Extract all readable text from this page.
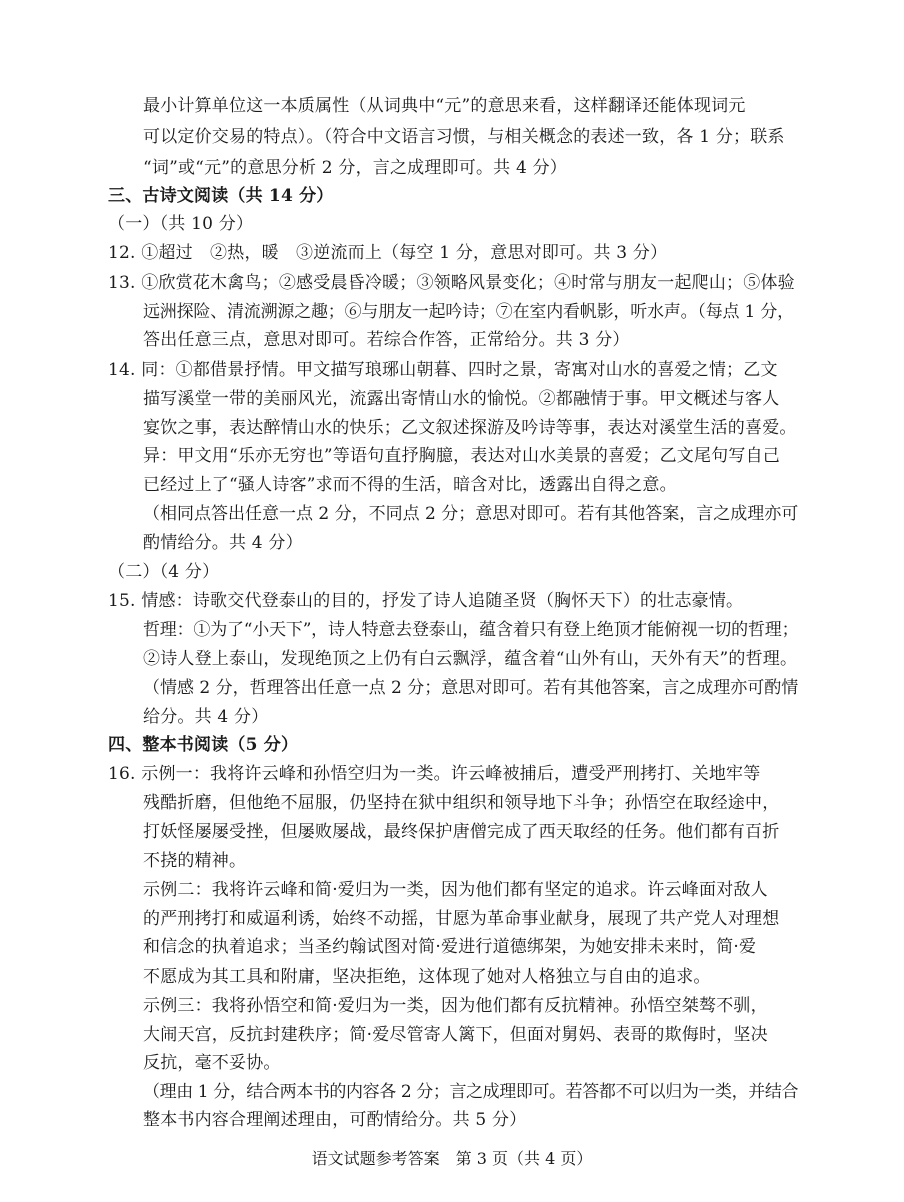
最小计算单位这一本质属性（从词典中“元”的意思来看，这样翻译还能体现词元
可以定价交易的特点）。（符合中文语言习惯，与相关概念的表述一致，各 1 分；联系
“词”或“元”的意思分析 2 分，言之成理即可。共 4 分）
三、古诗文阅读（共 14 分）
（一）（共 10 分）
12. ①超过　②热，暖　③逆流而上（每空 1 分，意思对即可。共 3 分）
13. ①欣赏花木禽鸟；②感受晨昏冷暖；③领略风景变化；④时常与朋友一起爬山；⑤体验
远洲探险、清流溯源之趣；⑥与朋友一起吟诗；⑦在室内看帆影，听水声。（每点 1 分，
答出任意三点，意思对即可。若综合作答，正常给分。共 3 分）
14. 同：①都借景抒情。甲文描写琅琊山朝暮、四时之景，寄寓对山水的喜爱之情；乙文
描写溪堂一带的美丽风光，流露出寄情山水的愉悦。②都融情于事。甲文概述与客人
宴饮之事，表达醉情山水的快乐；乙文叙述探游及吟诗等事，表达对溪堂生活的喜爱。
异：甲文用“乐亦无穷也”等语句直抒胸臆，表达对山水美景的喜爱；乙文尾句写自己
已经过上了“骚人诗客”求而不得的生活，暗含对比，透露出自得之意。
（相同点答出任意一点 2 分，不同点 2 分；意思对即可。若有其他答案，言之成理亦可
酌情给分。共 4 分）
（二）（4 分）
15. 情感：诗歌交代登泰山的目的，抒发了诗人追随圣贤（胸怀天下）的壮志豪情。
哲理：①为了“小天下”，诗人特意去登泰山，蕴含着只有登上绝顶才能俯视一切的哲理；
②诗人登上泰山，发现绝顶之上仍有白云飘浮，蕴含着“山外有山，天外有天”的哲理。
（情感 2 分，哲理答出任意一点 2 分；意思对即可。若有其他答案，言之成理亦可酌情
给分。共 4 分）
四、整本书阅读（5 分）
16. 示例一：我将许云峰和孙悟空归为一类。许云峰被捕后，遭受严刑拷打、关地牢等
残酷折磨，但他绝不屈服，仍坚持在狱中组织和领导地下斗争；孙悟空在取经途中，
打妖怪屡屡受挫，但屡败屡战，最终保护唐僧完成了西天取经的任务。他们都有百折
不挠的精神。
示例二：我将许云峰和简·爱归为一类，因为他们都有坚定的追求。许云峰面对敌人
的严刑拷打和威逼利诱，始终不动摇，甘愿为革命事业献身，展现了共产党人对理想
和信念的执着追求；当圣约翰试图对简·爱进行道德绑架，为她安排未来时，简·爱
不愿成为其工具和附庸，坚决拒绝，这体现了她对人格独立与自由的追求。
示例三：我将孙悟空和简·爱归为一类，因为他们都有反抗精神。孙悟空桀骜不驯，
大闹天宫，反抗封建秩序；简·爱尽管寄人篱下，但面对舅妈、表哥的欺侮时，坚决
反抗，毫不妥协。
（理由 1 分，结合两本书的内容各 2 分；言之成理即可。若答都不可以归为一类，并结合
整本书内容合理阐述理由，可酌情给分。共 5 分）
语文试题参考答案　第 3 页（共 4 页）
